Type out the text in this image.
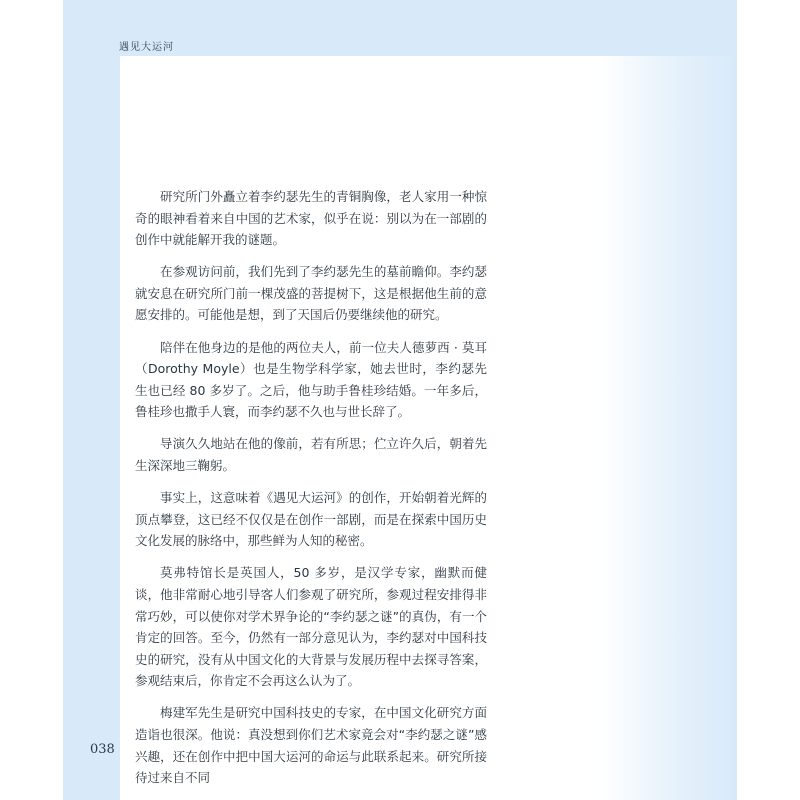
遇见大运河

研究所门外矗立着李约瑟先生的青铜胸像，老人家用一种惊奇的眼神看着来自中国的艺术家，似乎在说：别以为在一部剧的创作中就能解开我的谜题。

在参观访问前，我们先到了李约瑟先生的墓前瞻仰。李约瑟就安息在研究所门前一棵茂盛的菩提树下，这是根据他生前的意愿安排的。可能他是想，到了天国后仍要继续他的研究。

陪伴在他身边的是他的两位夫人，前一位夫人德萝西 · 莫耳（Dorothy Moyle）也是生物学科学家，她去世时，李约瑟先生也已经 80 多岁了。之后，他与助手鲁桂珍结婚。一年多后，鲁桂珍也撒手人寰，而李约瑟不久也与世长辞了。

导演久久地站在他的像前，若有所思；伫立许久后，朝着先生深深地三鞠躬。

事实上，这意味着《遇见大运河》的创作，开始朝着光辉的顶点攀登，这已经不仅仅是在创作一部剧，而是在探索中国历史文化发展的脉络中，那些鲜为人知的秘密。

莫弗特馆长是英国人，50 多岁，是汉学专家，幽默而健谈，他非常耐心地引导客人们参观了研究所，参观过程安排得非常巧妙，可以使你对学术界争论的“李约瑟之谜”的真伪，有一个肯定的回答。至今，仍然有一部分意见认为，李约瑟对中国科技史的研究，没有从中国文化的大背景与发展历程中去探寻答案，参观结束后，你肯定不会再这么认为了。

梅建军先生是研究中国科技史的专家，在中国文化研究方面造诣也很深。他说：真没想到你们艺术家竟会对“李约瑟之谜”感兴趣，还在创作中把中国大运河的命运与此联系起来。研究所接待过来自不同

038
